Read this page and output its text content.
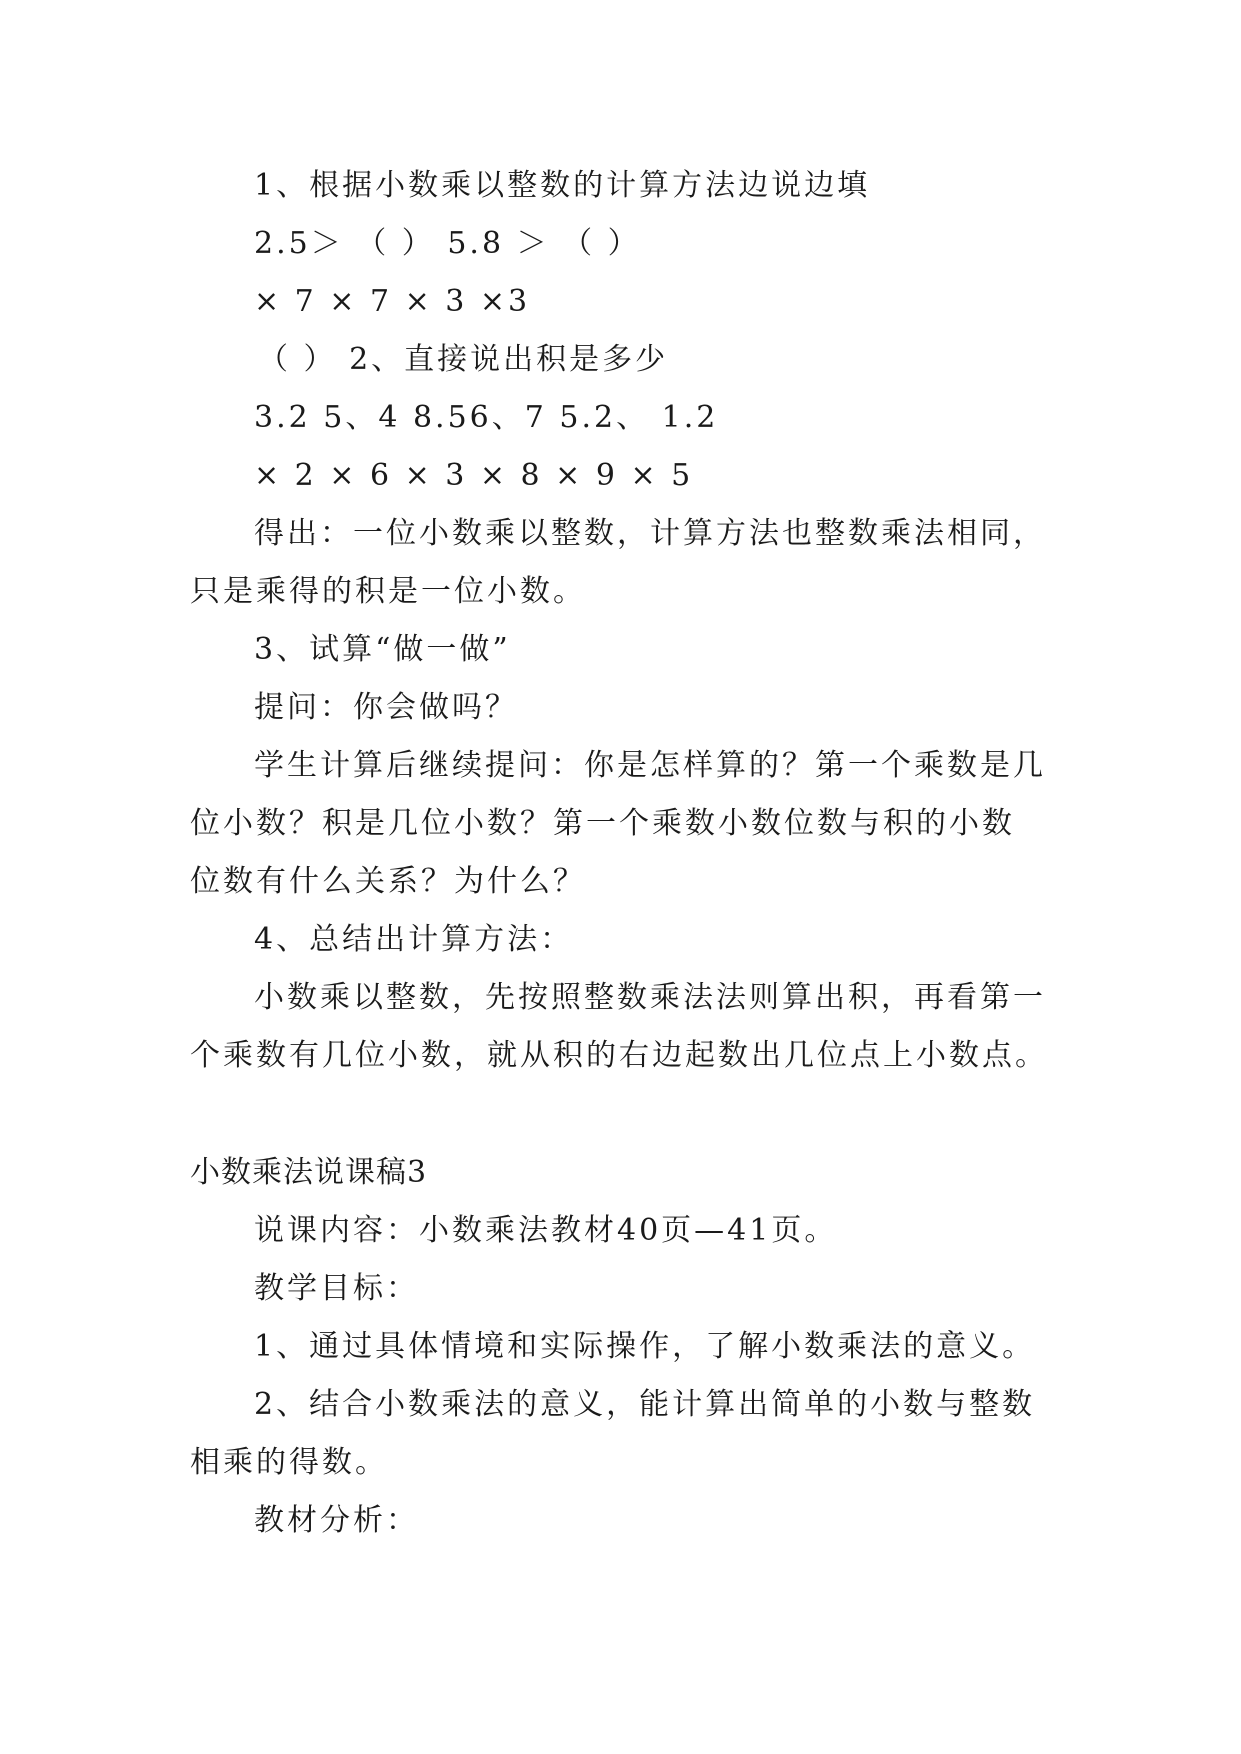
1、根据小数乘以整数的计算方法边说边填
2.5＞ （ ） 5.8 ＞ （ ）
× 7 × 7 × 3 ×3
（ ） 2、直接说出积是多少
3.2 5、4 8.56、7 5.2、 1.2
× 2 × 6 × 3 × 8 × 9 × 5
得出：一位小数乘以整数，计算方法也整数乘法相同，
只是乘得的积是一位小数。
3、试算“做一做”
提问：你会做吗？
学生计算后继续提问：你是怎样算的？第一个乘数是几
位小数？积是几位小数？第一个乘数小数位数与积的小数
位数有什么关系？为什么？
4、总结出计算方法：
小数乘以整数，先按照整数乘法法则算出积，再看第一
个乘数有几位小数，就从积的右边起数出几位点上小数点。
小数乘法说课稿3
说课内容：小数乘法教材40页—41页。
教学目标：
1、通过具体情境和实际操作，了解小数乘法的意义。
2、结合小数乘法的意义，能计算出简单的小数与整数
相乘的得数。
教材分析：
